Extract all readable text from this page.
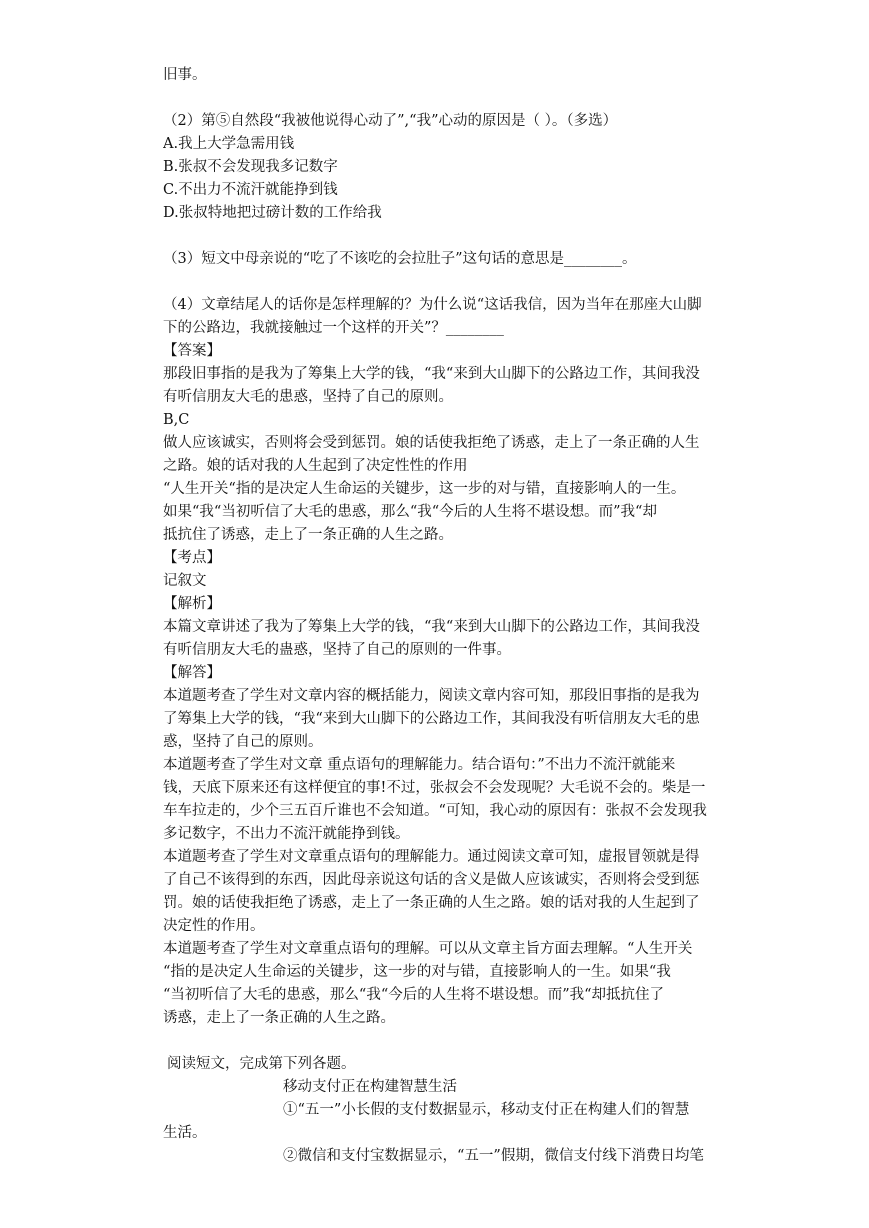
旧事。
（2）第⑤自然段“我被他说得心动了”,“我”心动的原因是（ ）。（多选）
A.我上大学急需用钱
B.张叔不会发现我多记数字
C.不出力不流汗就能挣到钱
D.张叔特地把过磅计数的工作给我
（3）短文中母亲说的“吃了不该吃的会拉肚子”这句话的意思是________。
（4）文章结尾人的话你是怎样理解的？为什么说“这话我信，因为当年在那座大山脚
下的公路边，我就接触过一个这样的开关”？________
【答案】
那段旧事指的是我为了筹集上大学的钱，“我“来到大山脚下的公路边工作，其间我没
有听信朋友大毛的患惑，坚持了自己的原则。
B,C
做人应该诚实，否则将会受到惩罚。娘的话使我拒绝了诱惑，走上了一条正确的人生
之路。娘的话对我的人生起到了决定性性的作用
“人生开关“指的是决定人生命运的关键步，这一步的对与错，直接影响人的一生。
如果“我“当初听信了大毛的患惑，那么“我“今后的人生将不堪设想。而”我“却
抵抗住了诱惑，走上了一条正确的人生之路。
【考点】
记叙文
【解析】
本篇文章讲述了我为了筹集上大学的钱，“我“来到大山脚下的公路边工作，其间我没
有听信朋友大毛的蛊惑，坚持了自己的原则的一件事。
【解答】
本道题考查了学生对文章内容的概括能力，阅读文章内容可知，那段旧事指的是我为
了筹集上大学的钱，“我“来到大山脚下的公路边工作，其间我没有听信朋友大毛的患
惑，坚持了自己的原则。
本道题考查了学生对文章 重点语句的理解能力。结合语句：”不出力不流汗就能来
钱，天底下原来还有这样便宜的事!不过，张叔会不会发现呢？大毛说不会的。柴是一
车车拉走的，少个三五百斤谁也不会知道。“可知，我心动的原因有：张叔不会发现我
多记数字，不出力不流汗就能挣到钱。
本道题考查了学生对文章重点语句的理解能力。通过阅读文章可知，虚报冒领就是得
了自己不该得到的东西，因此母亲说这句话的含义是做人应该诚实，否则将会受到惩
罚。娘的话使我拒绝了诱惑，走上了一条正确的人生之路。娘的话对我的人生起到了
决定性的作用。
本道题考查了学生对文章重点语句的理解。可以从文章主旨方面去理解。“人生开关
“指的是决定人生命运的关键步，这一步的对与错，直接影响人的一生。如果“我
“当初听信了大毛的患惑，那么“我“今后的人生将不堪设想。而”我“却抵抗住了
诱惑，走上了一条正确的人生之路。
阅读短文，完成第下列各题。
移动支付正在构建智慧生活
①“五一”小长假的支付数据显示，移动支付正在构建人们的智慧
生活。
②微信和支付宝数据显示，“五一”假期，微信支付线下消费日均笔
